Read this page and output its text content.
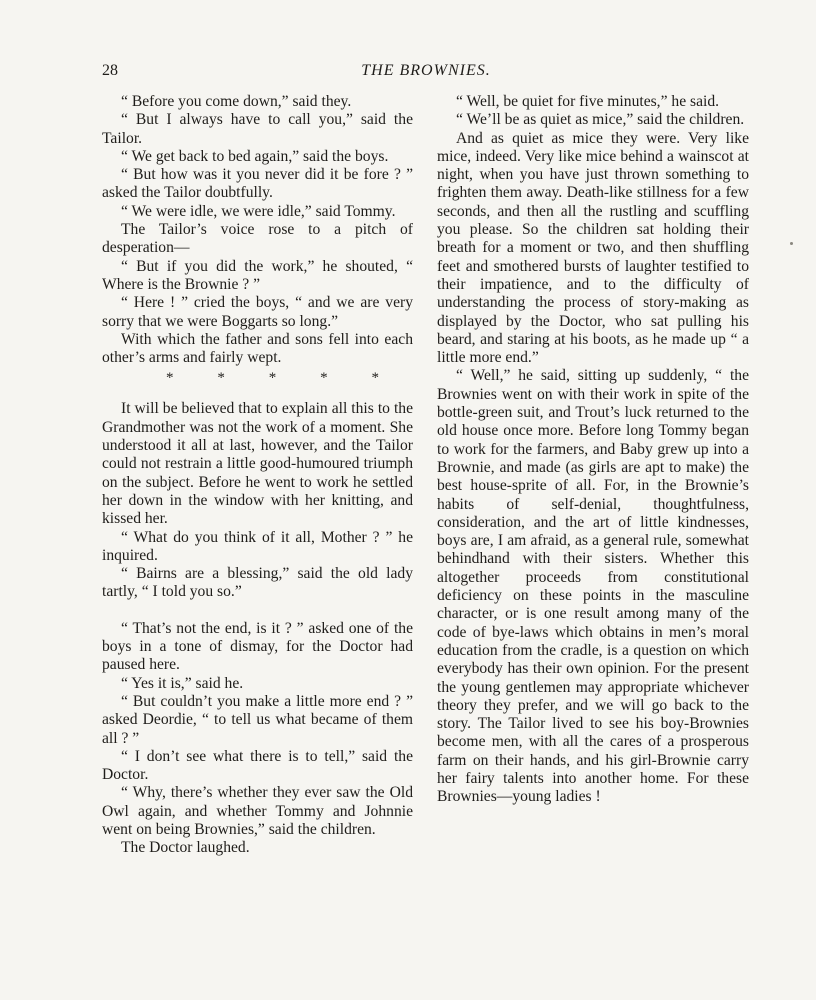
28	THE BROWNIES.

“ Before you come down,” said they.

“ But I always have to call you,” said the Tailor.

“ We get back to bed again,” said the boys.

“ But how was it you never did it be fore ? ” asked the Tailor doubtfully.

“ We were idle, we were idle,” said Tommy.

The Tailor’s voice rose to a pitch of desperation—

“ But if you did the work,” he shouted, “ Where is the Brownie ? ”

“ Here ! ” cried the boys, “ and we are very sorry that we were Boggarts so long.”

With which the father and sons fell into each other’s arms and fairly wept.

*	*	*	*	*

It will be believed that to explain all this to the Grandmother was not the work of a moment. She understood it all at last, however, and the Tailor could not restrain a little good-humoured triumph on the subject. Before he went to work he settled her down in the window with her knitting, and kissed her.

“ What do you think of it all, Mother ? ” he inquired.

“ Bairns are a blessing,” said the old lady tartly, “ I told you so.”

“ That’s not the end, is it ? ” asked one of the boys in a tone of dismay, for the Doctor had paused here.

“ Yes it is,” said he.

“ But couldn’t you make a little more end ? ” asked Deordie, “ to tell us what became of them all ? ”

“ I don’t see what there is to tell,” said the Doctor.

“ Why, there’s whether they ever saw the Old Owl again, and whether Tommy and Johnnie went on being Brownies,” said the children.

The Doctor laughed.

“ Well, be quiet for five minutes,” he said.

“ We’ll be as quiet as mice,” said the children.

And as quiet as mice they were. Very like mice, indeed. Very like mice behind a wainscot at night, when you have just thrown something to frighten them away. Death-like stillness for a few seconds, and then all the rustling and scuffling you please. So the children sat holding their breath for a moment or two, and then shuffling feet and smothered bursts of laughter testified to their impatience, and to the difficulty of understanding the process of story-making as displayed by the Doctor, who sat pulling his beard, and staring at his boots, as he made up “ a little more end.”

“ Well,” he said, sitting up suddenly, “ the Brownies went on with their work in spite of the bottle-green suit, and Trout’s luck returned to the old house once more. Before long Tommy began to work for the farmers, and Baby grew up into a Brownie, and made (as girls are apt to make) the best house-sprite of all. For, in the Brownie’s habits of self-denial, thoughtfulness, consideration, and the art of little kindnesses, boys are, I am afraid, as a general rule, somewhat behindhand with their sisters. Whether this altogether proceeds from constitutional deficiency on these points in the masculine character, or is one result among many of the code of bye-laws which obtains in men’s moral education from the cradle, is a question on which everybody has their own opinion. For the present the young gentlemen may appropriate whichever theory they prefer, and we will go back to the story. The Tailor lived to see his boy-Brownies become men, with all the cares of a prosperous farm on their hands, and his girl-Brownie carry her fairy talents into another home. For these Brownies—young ladies !
